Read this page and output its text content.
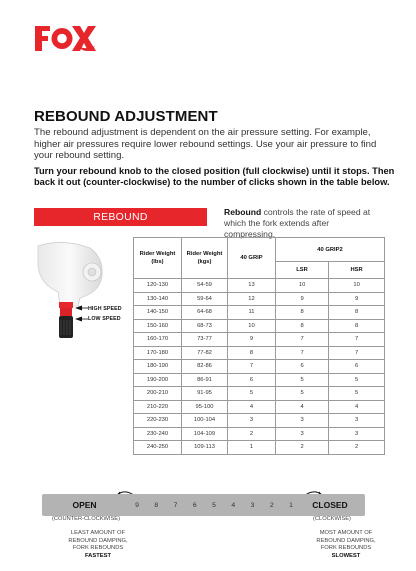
REBOUND ADJUSTMENT
The rebound adjustment is dependent on the air pressure setting. For example, higher air pressures require lower rebound settings. Use your air pressure to find your rebound setting.
Turn your rebound knob to the closed position (full clockwise) until it stops. Then back it out (counter-clockwise) to the number of clicks shown in the table below.
REBOUND	Rebound controls the rate of speed at which the fork extends after compressing.
HIGH SPEED
LOW SPEED
Rider Weight (lbs)	Rider Weight (kgs)	40 GRIP	40 GRIP2	
			LSR	HSR
120-130	54-59	13	10	10
130-140	59-64	12	9	9
140-150	64-68	11	8	8
150-160	68-73	10	8	8
160-170	73-77	9	7	7
170-180	77-82	8	7	7
180-190	82-86	7	6	6
190-200	86-91	6	5	5
200-210	91-95	5	5	5
210-220	95-100	4	4	4
220-230	100-104	3	3	3
230-240	104-109	2	3	3
240-250	109-113	1	2	2
OPEN	9	8	7	6	5	4	3	2	1	CLOSED
(COUNTER-CLOCKWISE)	(CLOCKWISE)
LEAST AMOUNT OF
REBOUND DAMPING,
FORK REBOUNDS
FASTEST
MOST AMOUNT OF
REBOUND DAMPING,
FORK REBOUNDS
SLOWEST
